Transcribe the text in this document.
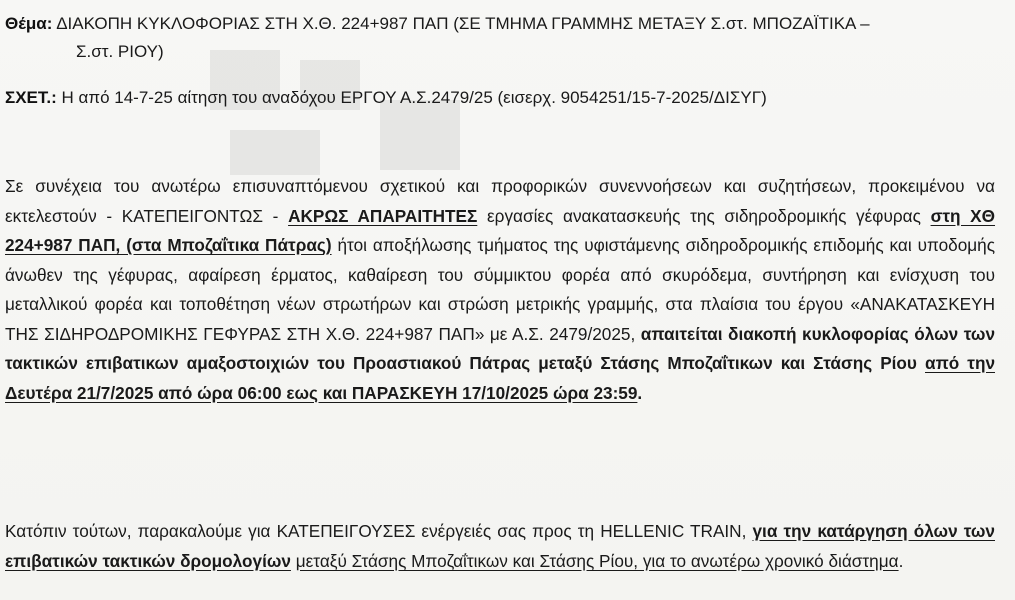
Θέμα: ΔΙΑΚΟΠΗ ΚΥΚΛΟΦΟΡΙΑΣ ΣΤΗ Χ.Θ. 224+987 ΠΑΠ (ΣΕ ΤΜΗΜΑ ΓΡΑΜΜΗΣ ΜΕΤΑΞΥ Σ.στ. ΜΠΟΖΑΪΤΙΚΑ –
Σ.στ. ΡΙΟΥ)
ΣΧΕΤ.: Η από 14-7-25 αίτηση του αναδόχου ΕΡΓΟΥ Α.Σ.2479/25 (εισερχ. 9054251/15-7-2025/ΔΙΣΥΓ)
Σε συνέχεια του ανωτέρω επισυναπτόμενου σχετικού και προφορικών συνεννοήσεων και συζητήσεων, προκειμένου να εκτελεστούν - ΚΑΤΕΠΕΙΓΟΝΤΩΣ - ΑΚΡΩΣ ΑΠΑΡΑΙΤΗΤΕΣ εργασίες ανακατασκευής της σιδηροδρομικής γέφυρας στη ΧΘ 224+987 ΠΑΠ, (στα Μποζαΐτικα Πάτρας) ήτοι αποξήλωσης τμήματος της υφιστάμενης σιδηροδρομικής επιδομής και υποδομής άνωθεν της γέφυρας, αφαίρεση έρματος, καθαίρεση του σύμμικτου φορέα από σκυρόδεμα, συντήρηση και ενίσχυση του μεταλλικού φορέα και τοποθέτηση νέων στρωτήρων και στρώση μετρικής γραμμής, στα πλαίσια του έργου «ΑΝΑΚΑΤΑΣΚΕΥΗ ΤΗΣ ΣΙΔΗΡΟΔΡΟΜΙΚΗΣ ΓΕΦΥΡΑΣ ΣΤΗ Χ.Θ. 224+987 ΠΑΠ» με Α.Σ. 2479/2025, απαιτείται διακοπή κυκλοφορίας όλων των τακτικών επιβατικων αμαξοστοιχιών του Προαστιακού Πάτρας μεταξύ Στάσης Μποζαΐτικων και Στάσης Ρίου από την Δευτέρα 21/7/2025 από ώρα 06:00 εως και ΠΑΡΑΣΚΕΥΗ 17/10/2025 ώρα 23:59.
Κατόπιν τούτων, παρακαλούμε για ΚΑΤΕΠΕΙΓΟΥΣΕΣ ενέργειές σας προς τη HELLENIC TRAIN, για την κατάργηση όλων των επιβατικών τακτικών δρομολογίων μεταξύ Στάσης Μποζαΐτικων και Στάσης Ρίου, για το ανωτέρω χρονικό διάστημα.
